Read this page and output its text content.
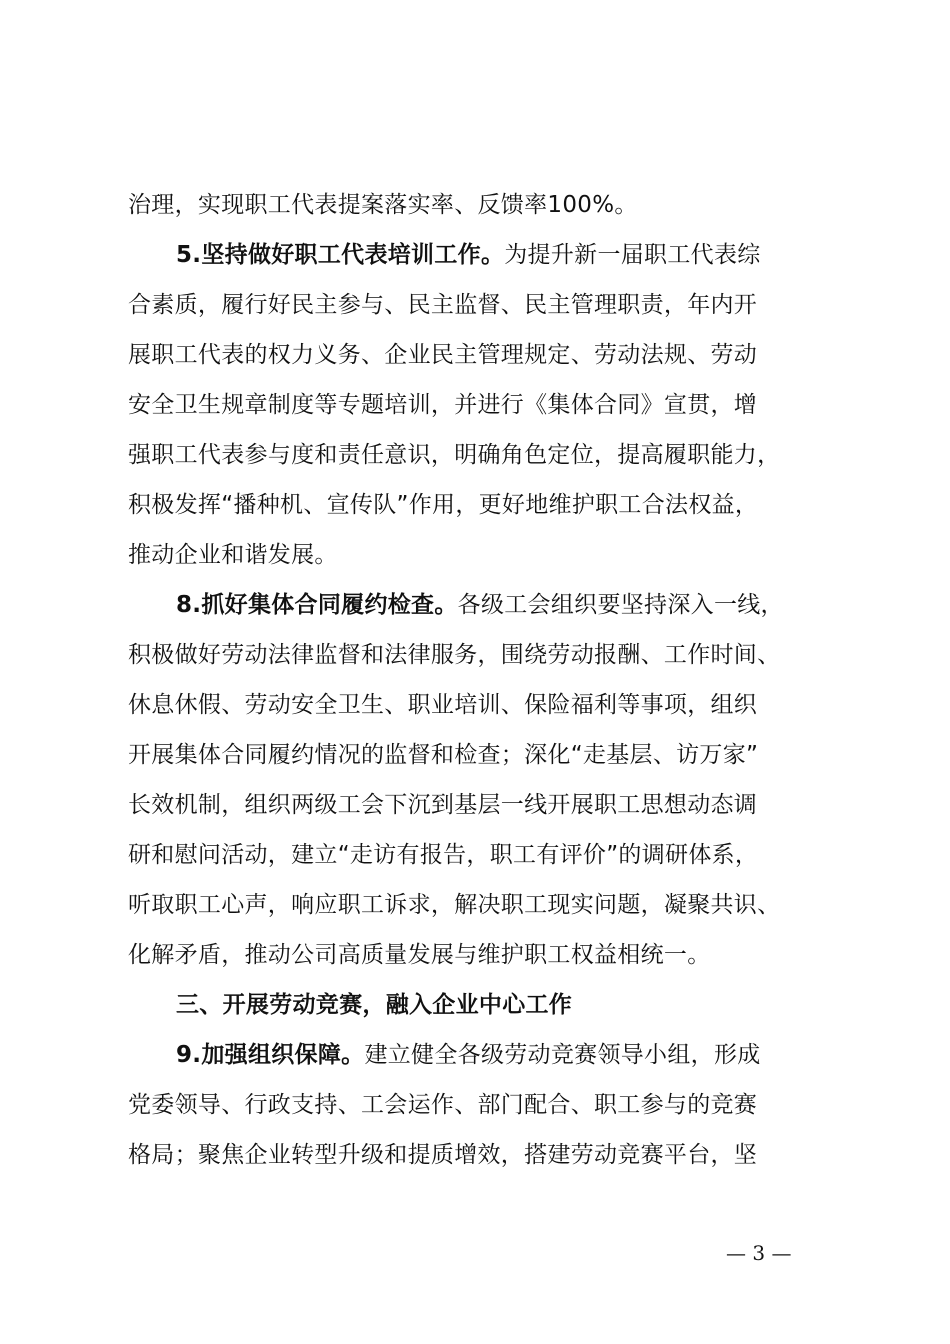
治理，实现职工代表提案落实率、反馈率100%。
5.坚持做好职工代表培训工作。为提升新一届职工代表综
合素质，履行好民主参与、民主监督、民主管理职责，年内开
展职工代表的权力义务、企业民主管理规定、劳动法规、劳动
安全卫生规章制度等专题培训，并进行《集体合同》宣贯，增
强职工代表参与度和责任意识，明确角色定位，提高履职能力，
积极发挥“播种机、宣传队”作用，更好地维护职工合法权益，
推动企业和谐发展。
8.抓好集体合同履约检查。各级工会组织要坚持深入一线，
积极做好劳动法律监督和法律服务，围绕劳动报酬、工作时间、
休息休假、劳动安全卫生、职业培训、保险福利等事项，组织
开展集体合同履约情况的监督和检查；深化“走基层、访万家”
长效机制，组织两级工会下沉到基层一线开展职工思想动态调
研和慰问活动，建立“走访有报告，职工有评价”的调研体系，
听取职工心声，响应职工诉求，解决职工现实问题，凝聚共识、
化解矛盾，推动公司高质量发展与维护职工权益相统一。
三、开展劳动竞赛，融入企业中心工作
9.加强组织保障。建立健全各级劳动竞赛领导小组，形成
党委领导、行政支持、工会运作、部门配合、职工参与的竞赛
格局；聚焦企业转型升级和提质增效，搭建劳动竞赛平台，坚
— 3 —
